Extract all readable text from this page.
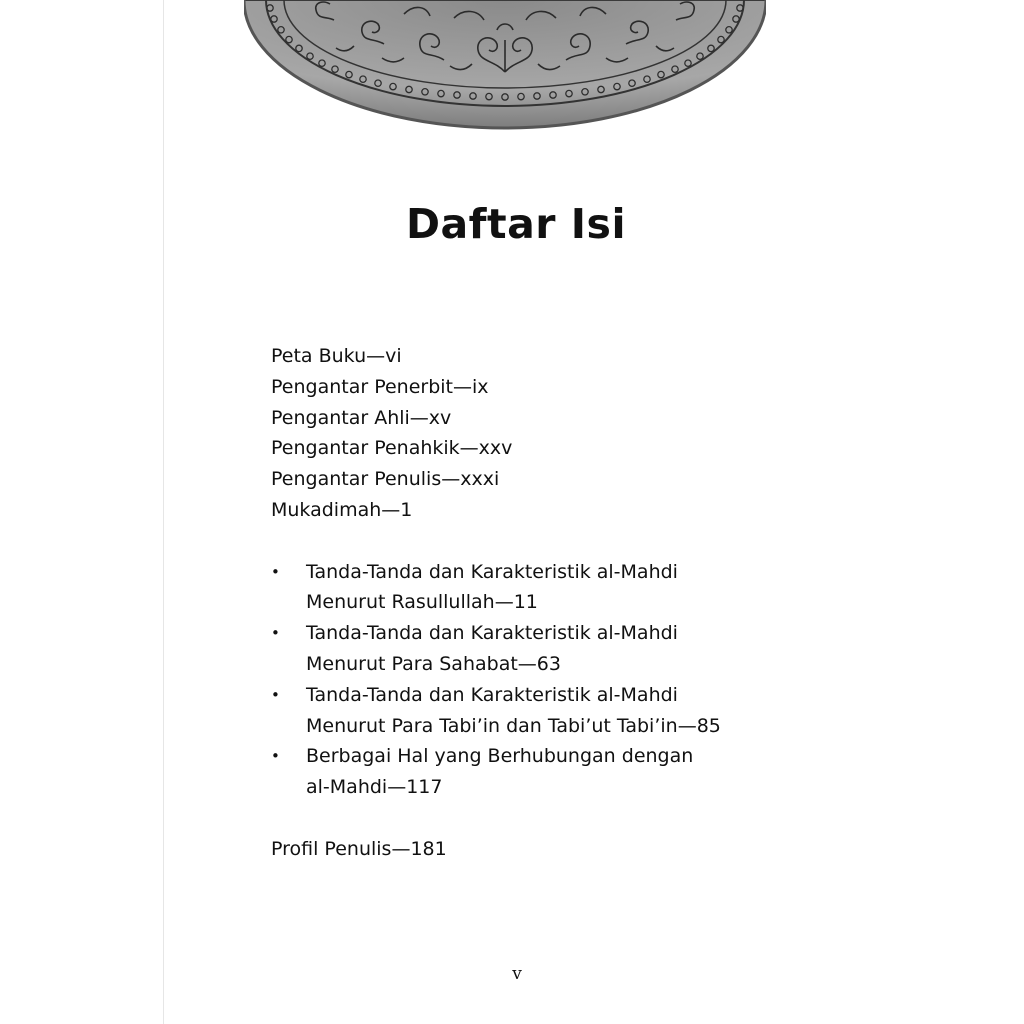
Daftar Isi
Peta Buku—vi
Pengantar Penerbit—ix
Pengantar Ahli—xv
Pengantar Penahkik—xxv
Pengantar Penulis—xxxi
Mukadimah—1
• Tanda-Tanda dan Karakteristik al-Mahdi
Menurut Rasullullah—11
• Tanda-Tanda dan Karakteristik al-Mahdi
Menurut Para Sahabat—63
• Tanda-Tanda dan Karakteristik al-Mahdi
Menurut Para Tabi’in dan Tabi’ut Tabi’in—85
• Berbagai Hal yang Berhubungan dengan
al-Mahdi—117
Profil Penulis—181
v
